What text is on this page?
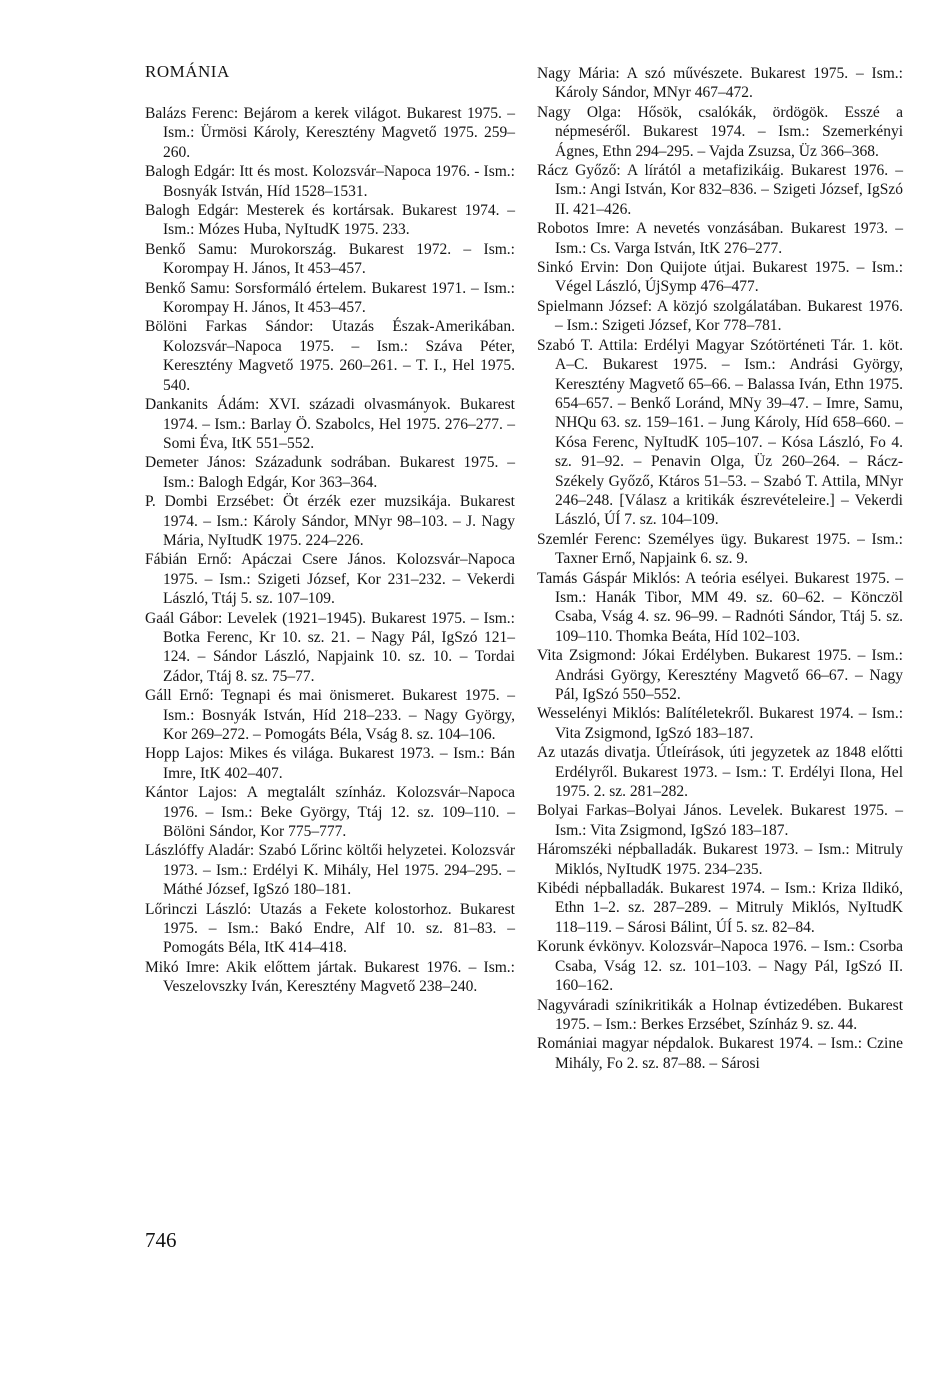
ROMÁNIA

Balázs Ferenc: Bejárom a kerek világot. Bukarest 1975. – Ism.: Ürmösi Károly, Keresztény Magvető 1975. 259–260.

Balogh Edgár: Itt és most. Kolozsvár–Napoca 1976. - Ism.: Bosnyák István, Híd 1528–1531.

Balogh Edgár: Mesterek és kortársak. Bukarest 1974. – Ism.: Mózes Huba, NyItudK 1975. 233.

Benkő Samu: Murokország. Bukarest 1972. – Ism.: Korompay H. János, It 453–457.

Benkő Samu: Sorsformáló értelem. Bukarest 1971. – Ism.: Korompay H. János, It 453–457.

Bölöni Farkas Sándor: Utazás Észak-Amerikában. Kolozsvár–Napoca 1975. – Ism.: Száva Péter, Keresztény Magvető 1975. 260–261. – T. I., Hel 1975. 540.

Dankanits Ádám: XVI. századi olvasmányok. Bukarest 1974. – Ism.: Barlay Ö. Szabolcs, Hel 1975. 276–277. – Somi Éva, ItK 551–552.

Demeter János: Századunk sodrában. Bukarest 1975. – Ism.: Balogh Edgár, Kor 363–364.

P. Dombi Erzsébet: Öt érzék ezer muzsikája. Bukarest 1974. – Ism.: Károly Sándor, MNyr 98–103. – J. Nagy Mária, NyItudK 1975. 224–226.

Fábián Ernő: Apáczai Csere János. Kolozsvár–Napoca 1975. – Ism.: Szigeti József, Kor 231–232. – Vekerdi László, Ttáj 5. sz. 107–109.

Gaál Gábor: Levelek (1921–1945). Bukarest 1975. – Ism.: Botka Ferenc, Kr 10. sz. 21. – Nagy Pál, IgSzó 121–124. – Sándor László, Napjaink 10. sz. 10. – Tordai Zádor, Ttáj 8. sz. 75–77.

Gáll Ernő: Tegnapi és mai önismeret. Bukarest 1975. – Ism.: Bosnyák István, Híd 218–233. – Nagy György, Kor 269–272. – Pomogáts Béla, Vság 8. sz. 104–106.

Hopp Lajos: Mikes és világa. Bukarest 1973. – Ism.: Bán Imre, ItK 402–407.

Kántor Lajos: A megtalált színház. Kolozsvár–Napoca 1976. – Ism.: Beke György, Ttáj 12. sz. 109–110. – Bölöni Sándor, Kor 775–777.

Lászlóffy Aladár: Szabó Lőrinc költői helyzetei. Kolozsvár 1973. – Ism.: Erdélyi K. Mihály, Hel 1975. 294–295. – Máthé József, IgSzó 180–181.

Lőrinczi László: Utazás a Fekete kolostorhoz. Bukarest 1975. – Ism.: Bakó Endre, Alf 10. sz. 81–83. – Pomogáts Béla, ItK 414–418.

Mikó Imre: Akik előttem jártak. Bukarest 1976. – Ism.: Veszelovszky Iván, Keresztény Magvető 238–240.

Nagy Mária: A szó művészete. Bukarest 1975. – Ism.: Károly Sándor, MNyr 467–472.

Nagy Olga: Hősök, csalókák, ördögök. Esszé a népmeséről. Bukarest 1974. – Ism.: Szemerkényi Ágnes, Ethn 294–295. – Vajda Zsuzsa, Üz 366–368.

Rácz Győző: A lírától a metafizikáig. Bukarest 1976. – Ism.: Angi István, Kor 832–836. – Szigeti József, IgSzó II. 421–426.

Robotos Imre: A nevetés vonzásában. Bukarest 1973. – Ism.: Cs. Varga István, ItK 276–277.

Sinkó Ervin: Don Quijote útjai. Bukarest 1975. – Ism.: Végel László, ÚjSymp 476–477.

Spielmann József: A közjó szolgálatában. Bukarest 1976. – Ism.: Szigeti József, Kor 778–781.

Szabó T. Attila: Erdélyi Magyar Szótörténeti Tár. 1. köt. A–C. Bukarest 1975. – Ism.: Andrási György, Keresztény Magvető 65–66. – Balassa Iván, Ethn 1975. 654–657. – Benkő Loránd, MNy 39–47. – Imre, Samu, NHQu 63. sz. 159–161. – Jung Károly, Híd 658–660. – Kósa Ferenc, NyItudK 105–107. – Kósa László, Fo 4. sz. 91–92. – Penavin Olga, Üz 260–264. – Rácz-Székely Győző, Ktáros 51–53. – Szabó T. Attila, MNyr 246–248. [Válasz a kritikák észrevételeire.] – Vekerdi László, ÚÍ 7. sz. 104–109.

Szemlér Ferenc: Személyes ügy. Bukarest 1975. – Ism.: Taxner Ernő, Napjaink 6. sz. 9.

Tamás Gáspár Miklós: A teória esélyei. Bukarest 1975. – Ism.: Hanák Tibor, MM 49. sz. 60–62. – Könczöl Csaba, Vság 4. sz. 96–99. – Radnóti Sándor, Ttáj 5. sz. 109–110. Thomka Beáta, Híd 102–103.

Vita Zsigmond: Jókai Erdélyben. Bukarest 1975. – Ism.: Andrási György, Keresztény Magvető 66–67. – Nagy Pál, IgSzó 550–552.

Wesselényi Miklós: Balítéletekről. Bukarest 1974. – Ism.: Vita Zsigmond, IgSzó 183–187.

Az utazás divatja. Útleírások, úti jegyzetek az 1848 előtti Erdélyről. Bukarest 1973. – Ism.: T. Erdélyi Ilona, Hel 1975. 2. sz. 281–282.

Bolyai Farkas–Bolyai János. Levelek. Bukarest 1975. – Ism.: Vita Zsigmond, IgSzó 183–187.

Háromszéki népballadák. Bukarest 1973. – Ism.: Mitruly Miklós, NyItudK 1975. 234–235.

Kibédi népballadák. Bukarest 1974. – Ism.: Kriza Ildikó, Ethn 1–2. sz. 287–289. – Mitruly Miklós, NyItudK 118–119. – Sárosi Bálint, ÚÍ 5. sz. 82–84.

Korunk évkönyv. Kolozsvár–Napoca 1976. – Ism.: Csorba Csaba, Vság 12. sz. 101–103. – Nagy Pál, IgSzó II. 160–162.

Nagyváradi színikritikák a Holnap évtizedében. Bukarest 1975. – Ism.: Berkes Erzsébet, Színház 9. sz. 44.

Romániai magyar népdalok. Bukarest 1974. – Ism.: Czine Mihály, Fo 2. sz. 87–88. – Sárosi

746
